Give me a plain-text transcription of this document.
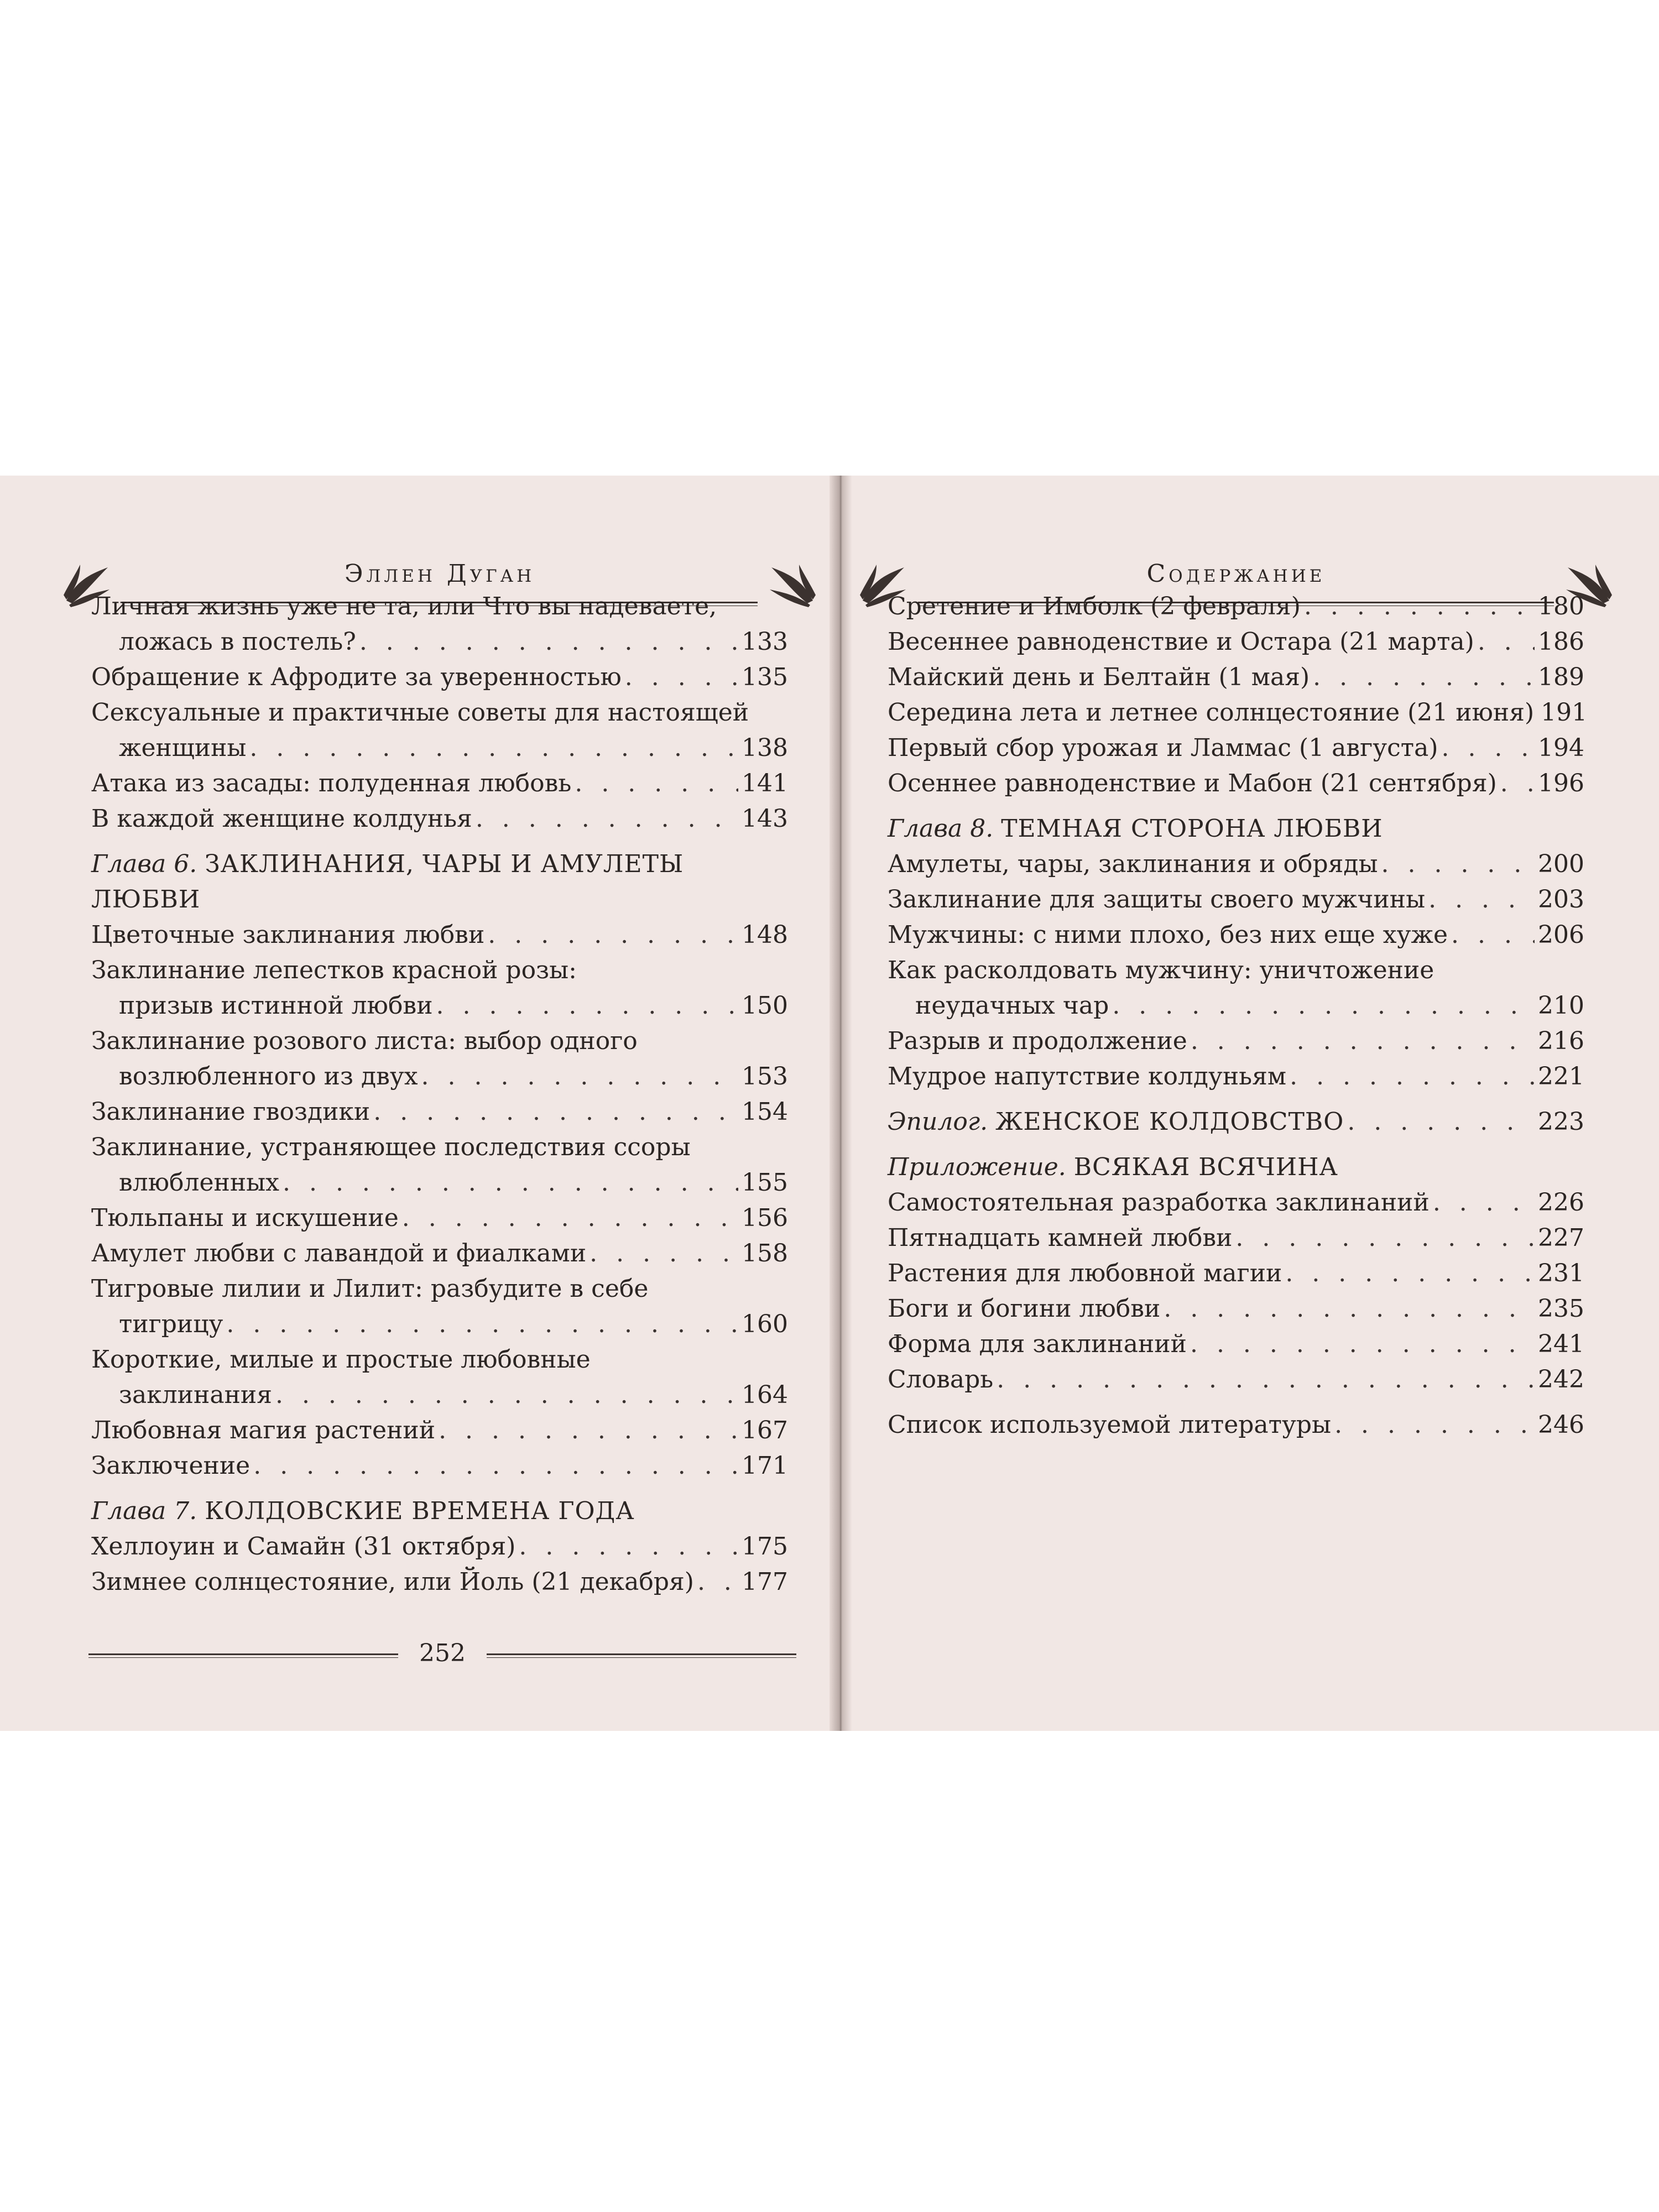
Эллен Дуган
Личная жизнь уже не та, или Что вы надеваете,
ложась в постель? . . .	133
Обращение к Афродите за уверенностью . . .	135
Сексуальные и практичные советы для настоящей
женщины . . .	138
Атака из засады: полуденная любовь . . .	141
В каждой женщине колдунья . . .	143
Глава 6. ЗАКЛИНАНИЯ, ЧАРЫ И АМУЛЕТЫ
ЛЮБВИ
Цветочные заклинания любви . . .	148
Заклинание лепестков красной розы:
призыв истинной любви . . .	150
Заклинание розового листа: выбор одного
возлюбленного из двух . . .	153
Заклинание гвоздики . . .	154
Заклинание, устраняющее последствия ссоры
влюбленных . . .	155
Тюльпаны и искушение . . .	156
Амулет любви с лавандой и фиалками . . .	158
Тигровые лилии и Лилит: разбудите в себе
тигрицу . . .	160
Короткие, милые и простые любовные
заклинания . . .	164
Любовная магия растений . . .	167
Заключение . . .	171
Глава 7. КОЛДОВСКИЕ ВРЕМЕНА ГОДА
Хеллоуин и Самайн (31 октября) . . .	175
Зимнее солнцестояние, или Йоль (21 декабря) . . . 177
252
Содержание
Сретение и Имболк (2 февраля) . . .	180
Весеннее равноденствие и Остара (21 марта) . . .	186
Майский день и Белтайн (1 мая) . . .	189
Середина лета и летнее солнцестояние (21 июня) 191
Первый сбор урожая и Ламмас (1 августа) . . .	194
Осеннее равноденствие и Мабон (21 сентября) . . . 196
Глава 8. ТЕМНАЯ СТОРОНА ЛЮБВИ
Амулеты, чары, заклинания и обряды . . .	200
Заклинание для защиты своего мужчины . . .	203
Мужчины: с ними плохо, без них еще хуже . . .	206
Как расколдовать мужчину: уничтожение
неудачных чар . . .	210
Разрыв и продолжение . . .	216
Мудрое напутствие колдуньям . . .	221
Эпилог. ЖЕНСКОЕ КОЛДОВСТВО . . .	223
Приложение. ВСЯКАЯ ВСЯЧИНА
Самостоятельная разработка заклинаний . . .	226
Пятнадцать камней любви . . .	227
Растения для любовной магии . . .	231
Боги и богини любви . . .	235
Форма для заклинаний . . .	241
Словарь . . .	242
Список используемой литературы . . .	246
